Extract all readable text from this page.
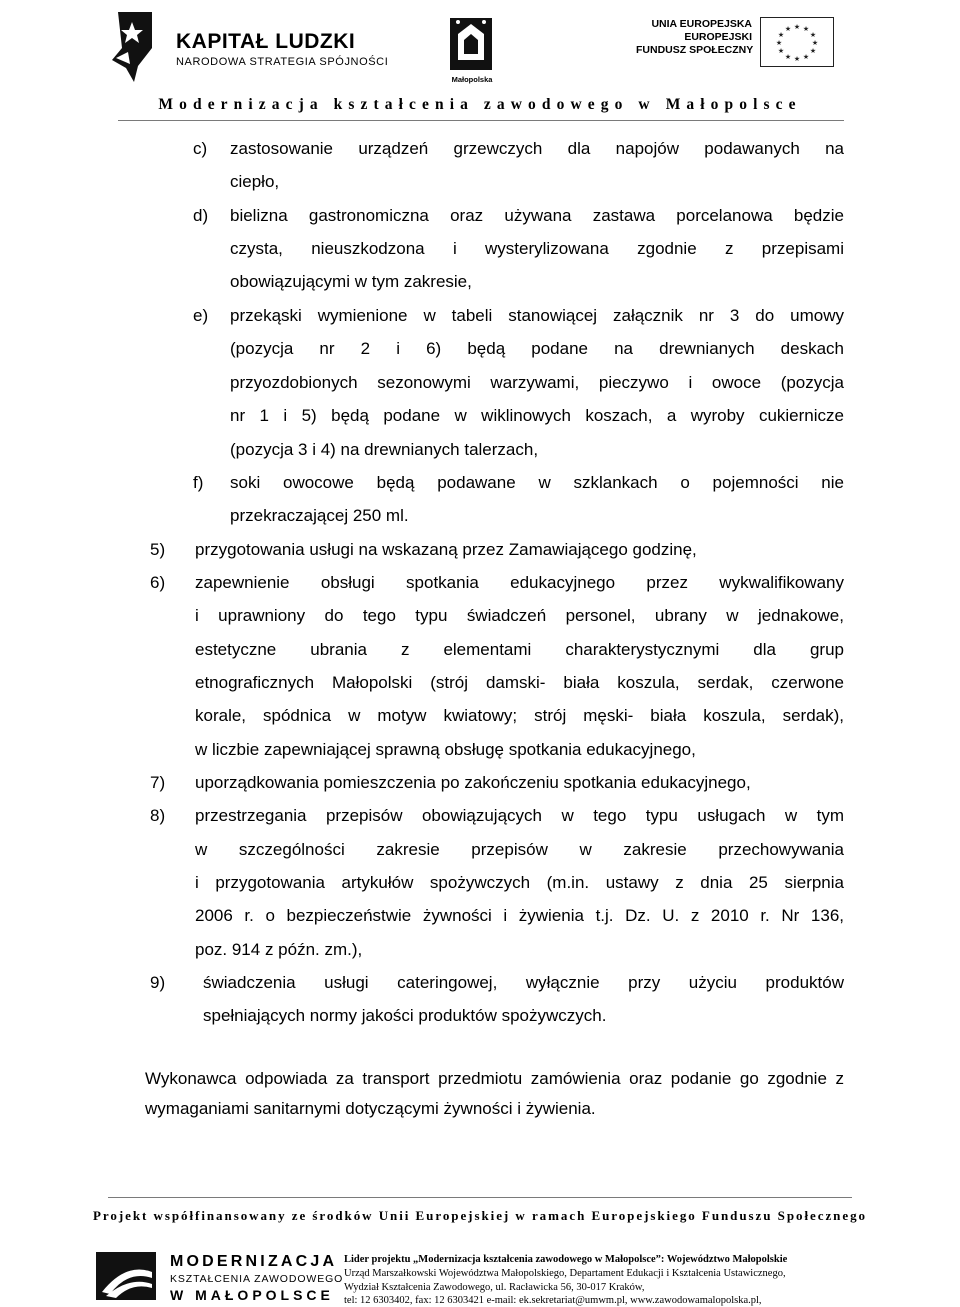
KAPITAŁ LUDZKI
NARODOWA STRATEGIA SPÓJNOŚCI
Małopolska
UNIA EUROPEJSKA
EUROPEJSKI
FUNDUSZ SPOŁECZNY
★ ★
★
★
★
★
★
★
★
★
★
★
Modernizacja kształcenia zawodowego w Małopolsce
c) zastosowanie urządzeń grzewczych dla napojów podawanych na
ciepło,
d) bielizna gastronomiczna oraz używana zastawa porcelanowa będzie
czysta, nieuszkodzona i wysterylizowana zgodnie z przepisami
obowiązującymi w tym zakresie,
e) przekąski wymienione w tabeli stanowiącej załącznik nr 3 do umowy
(pozycja nr 2 i 6) będą podane na drewnianych deskach
przyozdobionych sezonowymi warzywami, pieczywo i owoce (pozycja
nr 1 i 5) będą podane w wiklinowych koszach, a wyroby cukiernicze
(pozycja 3 i 4) na drewnianych talerzach,
f) soki owocowe będą podawane w szklankach o pojemności nie
przekraczającej 250 ml.
5) przygotowania usługi na wskazaną przez Zamawiającego godzinę,
6) zapewnienie obsługi spotkania edukacyjnego przez wykwalifikowany
i uprawniony do tego typu świadczeń personel, ubrany w jednakowe,
estetyczne ubrania z elementami charakterystycznymi dla grup
etnograficznych Małopolski (strój damski- biała koszula, serdak, czerwone
korale, spódnica w motyw kwiatowy; strój męski- biała koszula, serdak),
w liczbie zapewniającej sprawną obsługę spotkania edukacyjnego,
7) uporządkowania pomieszczenia po zakończeniu spotkania edukacyjnego,
8) przestrzegania przepisów obowiązujących w tego typu usługach w tym
w szczególności zakresie przepisów w zakresie przechowywania
i przygotowania artykułów spożywczych (m.in. ustawy z dnia 25 sierpnia
2006 r. o bezpieczeństwie żywności i żywienia t.j. Dz. U. z 2010 r. Nr 136,
poz. 914 z późn. zm.),
9) świadczenia usługi cateringowej, wyłącznie przy użyciu produktów
spełniających normy jakości produktów spożywczych.
Wykonawca odpowiada za transport przedmiotu zamówienia oraz podanie go zgodnie z
wymaganiami sanitarnymi dotyczącymi żywności i żywienia.
Projekt współfinansowany ze środków Unii Europejskiej w ramach Europejskiego Funduszu Społecznego
MODERNIZACJA
KSZTAŁCENIA ZAWODOWEGO
W MAŁOPOLSCE
Lider projektu „Modernizacja kształcenia zawodowego w Małopolsce”: Województwo Małopolskie
Urząd Marszałkowski Województwa Małopolskiego, Departament Edukacji i Kształcenia Ustawicznego,
Wydział Kształcenia Zawodowego, ul. Racławicka 56, 30-017 Kraków,
tel: 12 6303402, fax: 12 6303421 e-mail: ek.sekretariat@umwm.pl, www.zawodowamalopolska.pl,
